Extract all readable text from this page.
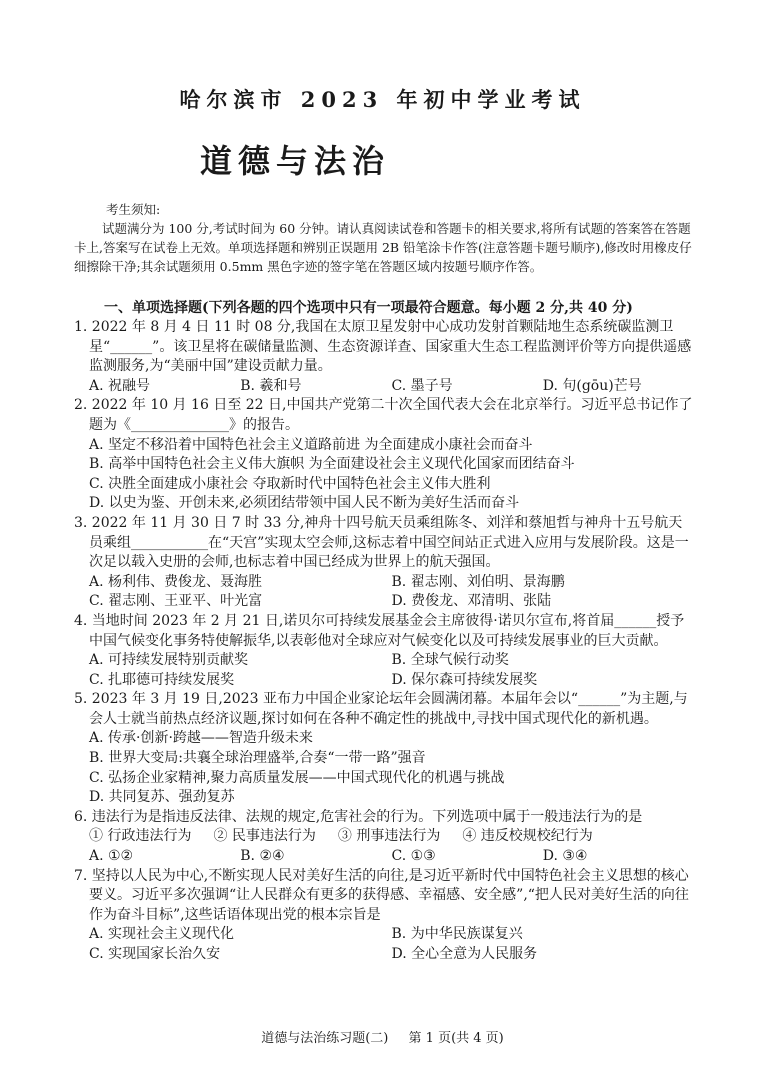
哈尔滨市 2023 年初中学业考试
道德与法治
考生须知:
试题满分为 100 分,考试时间为 60 分钟。请认真阅读试卷和答题卡的相关要求,将所有试题的答案答在答题卡上,答案写在试卷上无效。单项选择题和辨别正误题用 2B 铅笔涂卡作答(注意答题卡题号顺序),修改时用橡皮仔细擦除干净;其余试题须用 0.5mm 黑色字迹的签字笔在答题区域内按题号顺序作答。
一、单项选择题(下列各题的四个选项中只有一项最符合题意。每小题 2 分,共 40 分)
1. 2022 年 8 月 4 日 11 时 08 分,我国在太原卫星发射中心成功发射首颗陆地生态系统碳监测卫星“______”。该卫星将在碳储量监测、生态资源详查、国家重大生态工程监测评价等方向提供遥感监测服务,为“美丽中国”建设贡献力量。
A. 祝融号	B. 羲和号	C. 墨子号	D. 句(gōu)芒号
2. 2022 年 10 月 16 日至 22 日,中国共产党第二十次全国代表大会在北京举行。习近平总书记作了题为《______________》的报告。
A. 坚定不移沿着中国特色社会主义道路前进 为全面建成小康社会而奋斗
B. 高举中国特色社会主义伟大旗帜 为全面建设社会主义现代化国家而团结奋斗
C. 决胜全面建成小康社会 夺取新时代中国特色社会主义伟大胜利
D. 以史为鉴、开创未来,必须团结带领中国人民不断为美好生活而奋斗
3. 2022 年 11 月 30 日 7 时 33 分,神舟十四号航天员乘组陈冬、刘洋和蔡旭哲与神舟十五号航天员乘组___________在“天宫”实现太空会师,这标志着中国空间站正式进入应用与发展阶段。这是一次足以载入史册的会师,也标志着中国已经成为世界上的航天强国。
A. 杨利伟、费俊龙、聂海胜	B. 翟志刚、刘伯明、景海鹏
C. 翟志刚、王亚平、叶光富	D. 费俊龙、邓清明、张陆
4. 当地时间 2023 年 2 月 21 日,诺贝尔可持续发展基金会主席彼得·诺贝尔宣布,将首届______授予中国气候变化事务特使解振华,以表彰他对全球应对气候变化以及可持续发展事业的巨大贡献。
A. 可持续发展特别贡献奖	B. 全球气候行动奖
C. 扎耶德可持续发展奖	D. 保尔森可持续发展奖
5. 2023 年 3 月 19 日,2023 亚布力中国企业家论坛年会圆满闭幕。本届年会以“______”为主题,与会人士就当前热点经济议题,探讨如何在各种不确定性的挑战中,寻找中国式现代化的新机遇。
A. 传承·创新·跨越——智造升级未来
B. 世界大变局:共襄全球治理盛举,合奏“一带一路”强音
C. 弘扬企业家精神,聚力高质量发展——中国式现代化的机遇与挑战
D. 共同复苏、强劲复苏
6. 违法行为是指违反法律、法规的规定,危害社会的行为。下列选项中属于一般违法行为的是
① 行政违法行为 ② 民事违法行为 ③ 刑事违法行为 ④ 违反校规校纪行为
A. ①②	B. ②④	C. ①③	D. ③④
7. 坚持以人民为中心,不断实现人民对美好生活的向往,是习近平新时代中国特色社会主义思想的核心要义。习近平多次强调“让人民群众有更多的获得感、幸福感、安全感”,“把人民对美好生活的向往作为奋斗目标”,这些话语体现出党的根本宗旨是
A. 实现社会主义现代化	B. 为中华民族谋复兴
C. 实现国家长治久安	D. 全心全意为人民服务
道德与法治练习题(二) 第 1 页(共 4 页)
